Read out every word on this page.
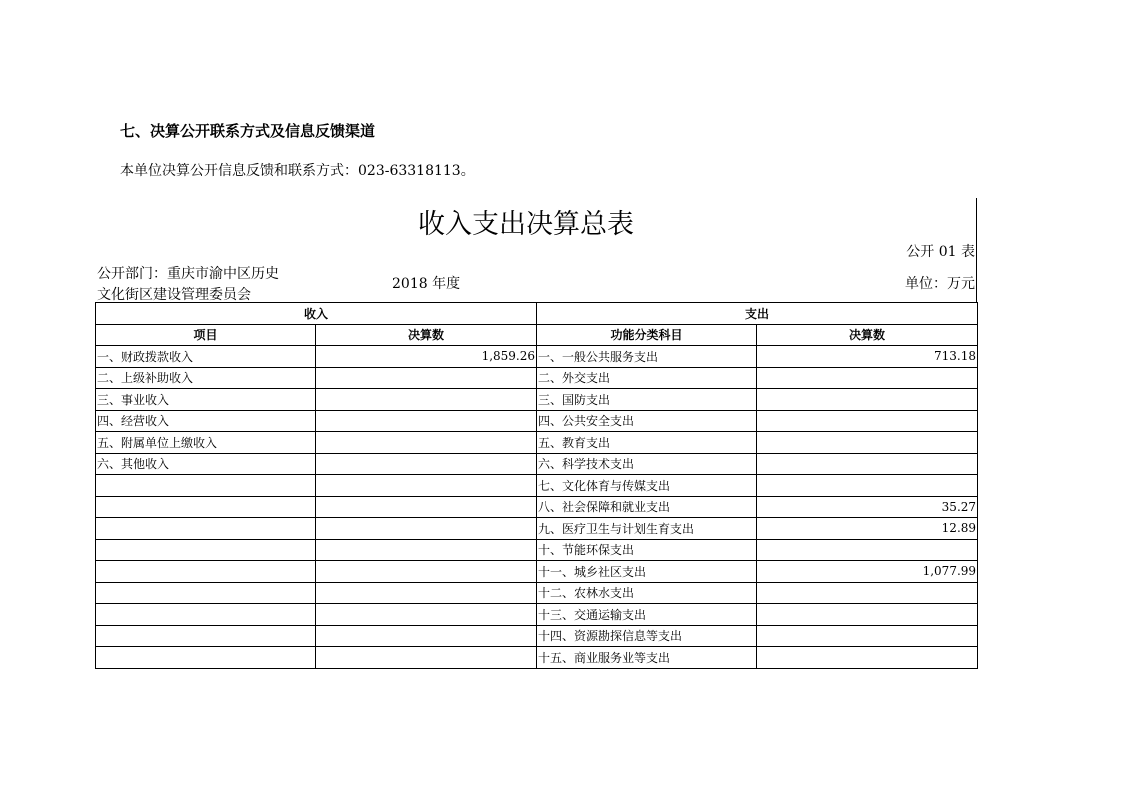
七、决算公开联系方式及信息反馈渠道
本单位决算公开信息反馈和联系方式：023-63318113。
收入支出决算总表
公开 01 表
公开部门：重庆市渝中区历史
文化街区建设管理委员会
2018 年度	单位：万元
收入		支出	
项目	决算数	功能分类科目	决算数
一、财政拨款收入	1,859.26	一、一般公共服务支出	713.18
二、上级补助收入		二、外交支出	
三、事业收入		三、国防支出	
四、经营收入		四、公共安全支出	
五、附属单位上缴收入		五、教育支出	
六、其他收入		六、科学技术支出	
		七、文化体育与传媒支出	
		八、社会保障和就业支出	35.27
		九、医疗卫生与计划生育支出	12.89
		十、节能环保支出	
		十一、城乡社区支出	1,077.99
		十二、农林水支出	
		十三、交通运输支出	
		十四、资源勘探信息等支出	
		十五、商业服务业等支出	
